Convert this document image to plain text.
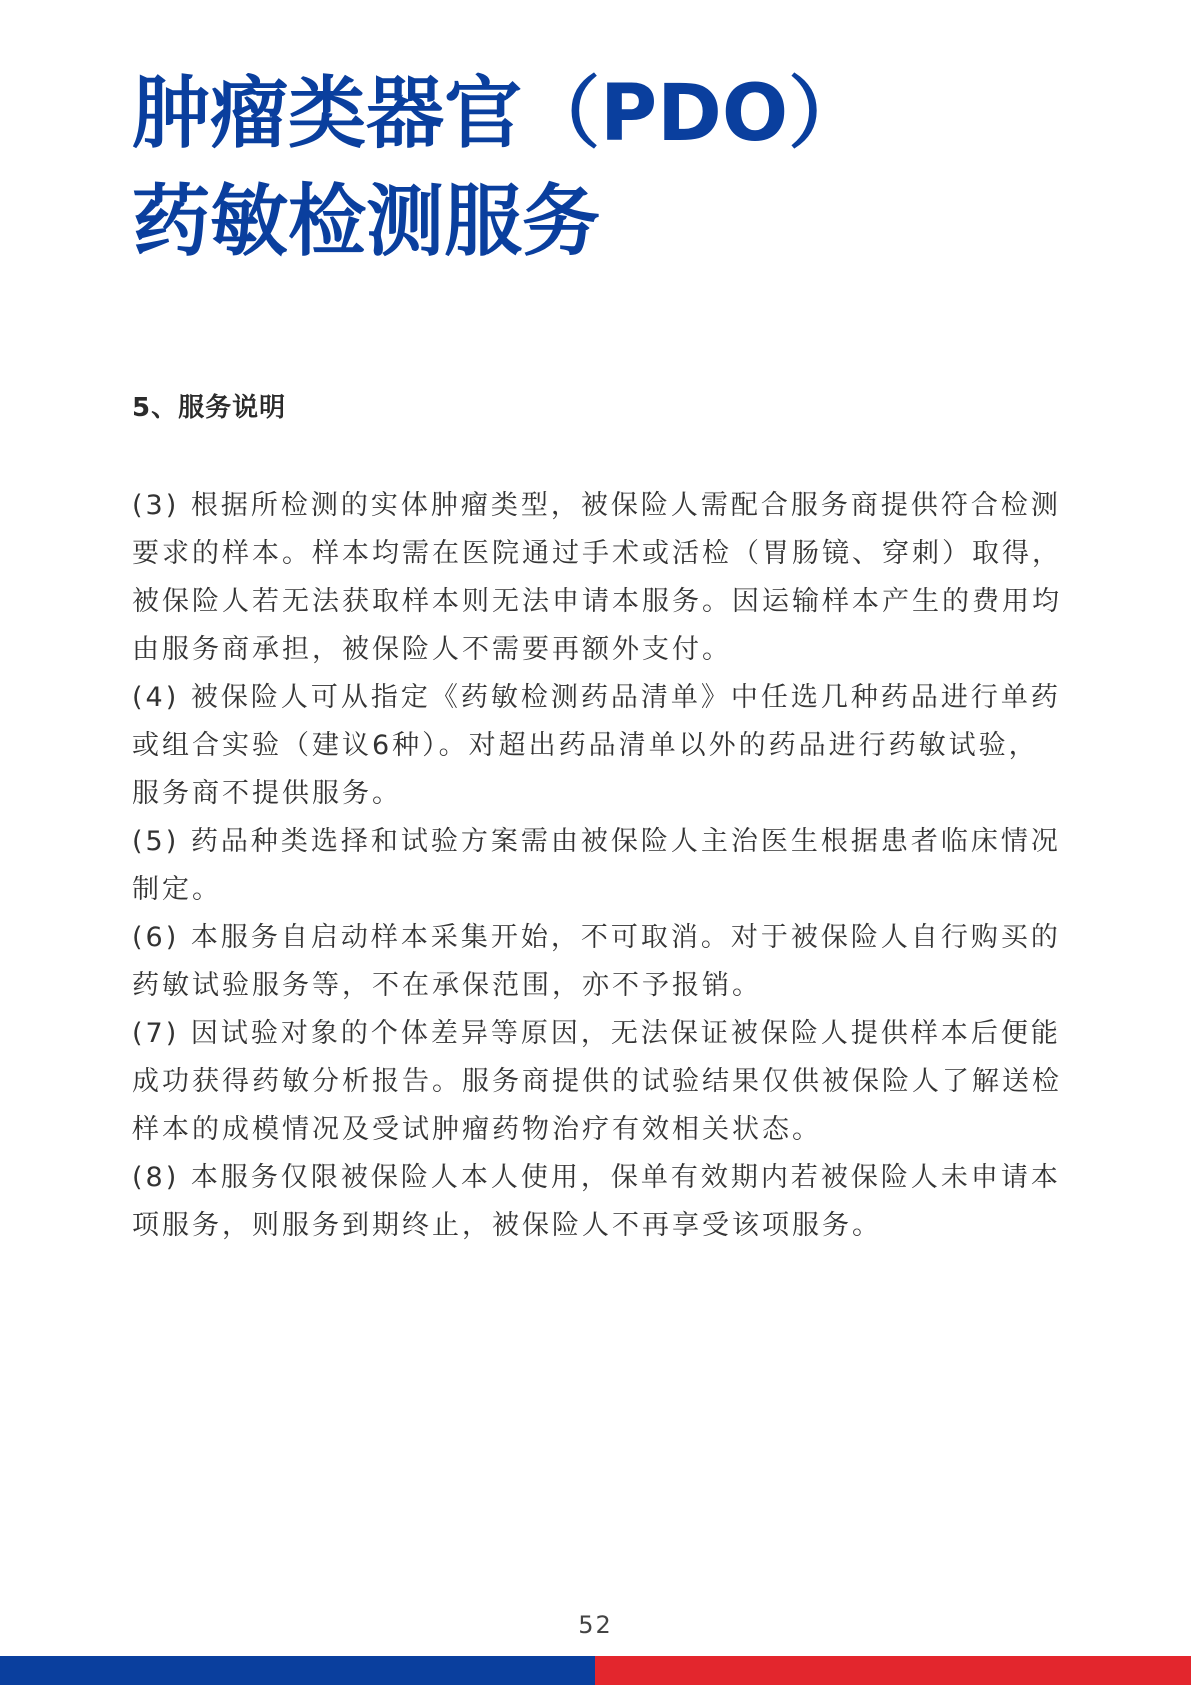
肿瘤类器官（PDO）
药敏检测服务
5、服务说明
(3) 根据所检测的实体肿瘤类型，被保险人需配合服务商提供符合检测
要求的样本。样本均需在医院通过手术或活检（胃肠镜、穿刺）取得，
被保险人若无法获取样本则无法申请本服务。因运输样本产生的费用均
由服务商承担，被保险人不需要再额外支付。
(4) 被保险人可从指定《药敏检测药品清单》中任选几种药品进行单药
或组合实验（建议6种）。对超出药品清单以外的药品进行药敏试验，
服务商不提供服务。
(5) 药品种类选择和试验方案需由被保险人主治医生根据患者临床情况
制定。
(6) 本服务自启动样本采集开始，不可取消。对于被保险人自行购买的
药敏试验服务等，不在承保范围，亦不予报销。
(7) 因试验对象的个体差异等原因，无法保证被保险人提供样本后便能
成功获得药敏分析报告。服务商提供的试验结果仅供被保险人了解送检
样本的成模情况及受试肿瘤药物治疗有效相关状态。
(8) 本服务仅限被保险人本人使用，保单有效期内若被保险人未申请本
项服务，则服务到期终止，被保险人不再享受该项服务。
52
